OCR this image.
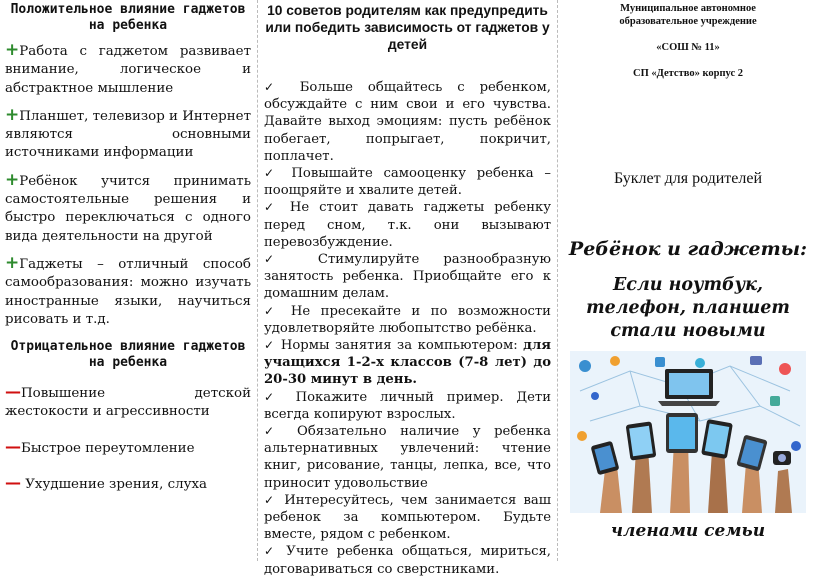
Положительное влияние гаджетов на ребенка

+Работа с гаджетом развивает внимание, логическое и абстрактное мышление

+Планшет, телевизор и Интернет являются основными источниками информации

+Ребёнок учится принимать самостоятельные решения и быстро переключаться с одного вида деятельности на другой

+Гаджеты – отличный способ самообразования: можно изучать иностранные языки, научиться рисовать и т.д.

Отрицательное влияние гаджетов на ребенка

—Повышение детской жестокости и агрессивности

—Быстрое переутомление

— Ухудшение зрения, слуха

10 советов родителям как предупредить или победить зависимость от гаджетов у детей

✓ Больше общайтесь с ребенком, обсуждайте с ним свои и его чувства. Давайте выход эмоциям: пусть ребёнок побегает, попрыгает, покричит, поплачет.

✓ Повышайте самооценку ребенка – поощряйте и хвалите детей.

✓ Не стоит давать гаджеты ребенку перед сном, т.к. они вызывают перевозбуждение.

✓ Стимулируйте разнообразную занятость ребенка. Приобщайте его к домашним делам.

✓ Не пресекайте и по возможности удовлетворяйте любопытство ребёнка.

✓ Нормы занятия за компьютером: для учащихся 1-2-х классов (7-8 лет) до 20-30 минут в день.

✓ Покажите личный пример. Дети всегда копируют взрослых.

✓ Обязательно наличие у ребенка альтернативных увлечений: чтение книг, рисование, танцы, лепка, все, что приносит удовольствие

✓ Интересуйтесь, чем занимается ваш ребенок за компьютером. Будьте вместе, рядом с ребенком.

✓ Учите ребенка общаться, мириться, договариваться со сверстниками.

Муниципальное автономное

образовательное учреждение

«СОШ № 11»

СП «Детство» корпус 2

Буклет для родителей

Ребёнок и гаджеты:

Если ноутбук, телефон, планшет стали новыми

членами семьи
